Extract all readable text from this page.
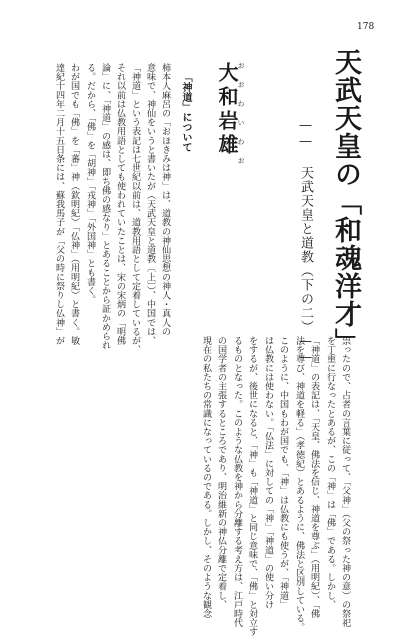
178
天武天皇の「和魂洋才」
—— 天武天皇と道教（下の二）——
おおわいわお
大和岩雄
「神道」について
柿本人麻呂の「おほきみは神」は、道教の神仙思想の神人・真人の
意味で、神仙をいうと書いたが（天武天皇と道教〔上〕）、中国では、
「神道」という表記は七世紀以前は、道教用語として定着しているが、
それ以前は仏教用語としても使われていたことは、宋の宋炳の「明佛
論」に、「神道」の感は、即ち佛の感なり」とあることから証かめられ
る。だから、「佛」を「胡神」「戎神」「外国神」とも書く。
わが国でも「佛」を「蕃」神（欽明紀）「仏神」（用明紀）と書く。敏
達紀十四年二月十五日条には、蘇我馬子が「父の時に祭りし仏神」が
祟ったので、占者の言葉に従って、「父神」（父の祭った神の意）の祭祀
を丁重に行なったとあるが、この「神」は「佛」である。しかし、
「神道」の表記は、「天皇、佛法を信じ、神道を尊ぶ」（用明紀）、「佛
法を尊び、神道を軽る」（孝徳紀）とあるように、佛法と区別している。
このように、中国もわが国でも、「神」は仏教にも使うが、「神道」
は仏教には使わない。「仏法」に対しての「神」「神道」の使い分け
をするが、後世になると、「神」も「神道」と同じ意味で、「佛」と対立す
るものとなった。このような仏教を神から分離する考え方は、江戸時代
の国学者の主張するところであり、明治維新の神仏分離で定着し、
現在の私たちの常識になっているのである。しかし、そのような観念
